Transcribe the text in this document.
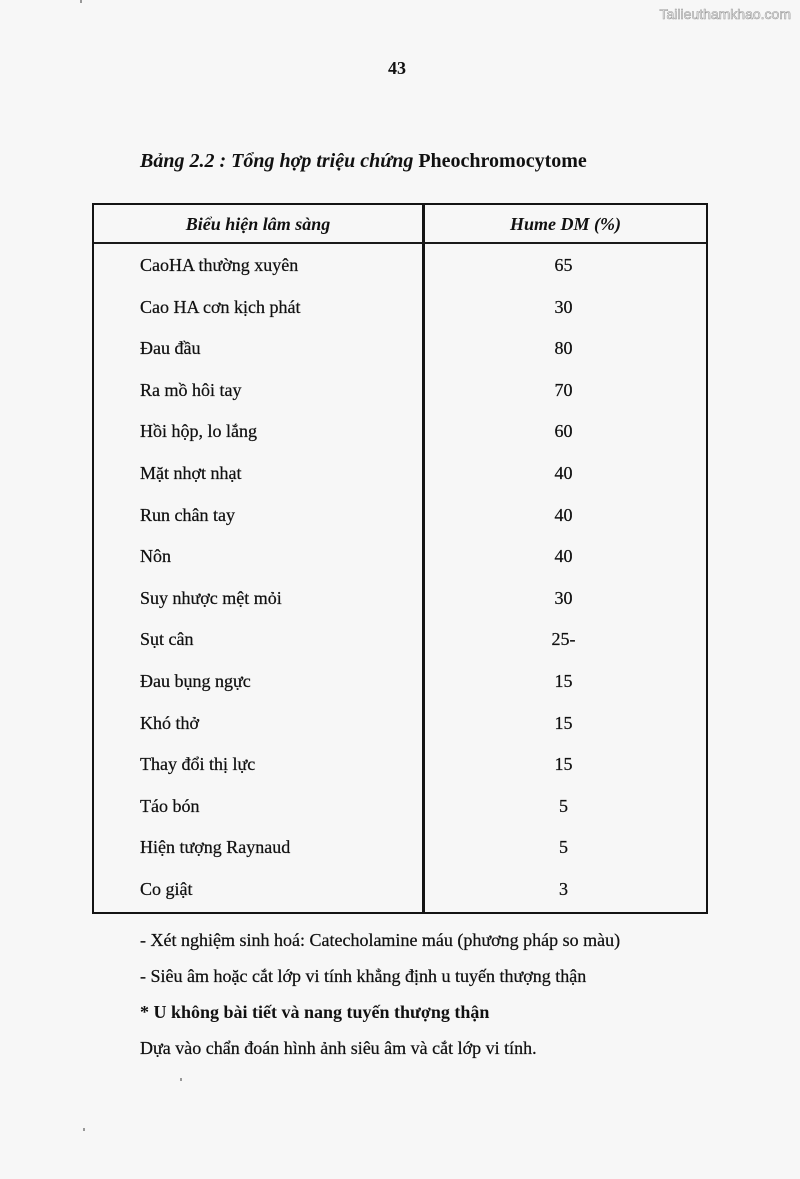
Tailieuthamkhao.com
43
Bảng 2.2 : Tổng hợp triệu chứng Pheochromocytome
Biểu hiện lâm sàng	Hume DM (%)
CaoHA thường xuyên	65
Cao HA cơn kịch phát	30
Đau đầu	80
Ra mồ hôi tay	70
Hồi hộp, lo lắng	60
Mặt nhợt nhạt	40
Run chân tay	40
Nôn	40
Suy nhược mệt mỏi	30
Sụt cân	25-
Đau bụng ngực	15
Khó thở	15
Thay đổi thị lực	15
Táo bón	5
Hiện tượng Raynaud	5
Co giật	3
- Xét nghiệm sinh hoá: Catecholamine máu (phương pháp so màu)
- Siêu âm hoặc cắt lớp vi tính khẳng định u tuyến thượng thận
* U không bài tiết và nang tuyến thượng thận
Dựa vào chẩn đoán hình ảnh siêu âm và cắt lớp vi tính.
